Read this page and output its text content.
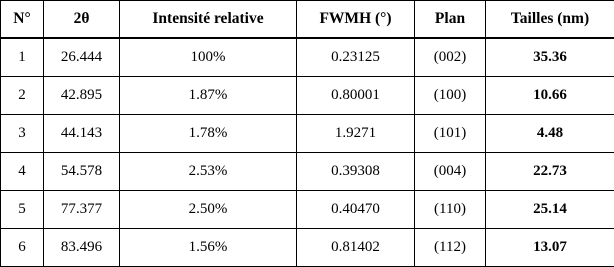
N°	2θ	Intensité relative	FWMH (°)	Plan	Tailles (nm)
1	26.444	100%	0.23125	(002)	35.36
2	42.895	1.87%	0.80001	(100)	10.66
3	44.143	1.78%	1.9271	(101)	4.48
4	54.578	2.53%	0.39308	(004)	22.73
5	77.377	2.50%	0.40470	(110)	25.14
6	83.496	1.56%	0.81402	(112)	13.07
